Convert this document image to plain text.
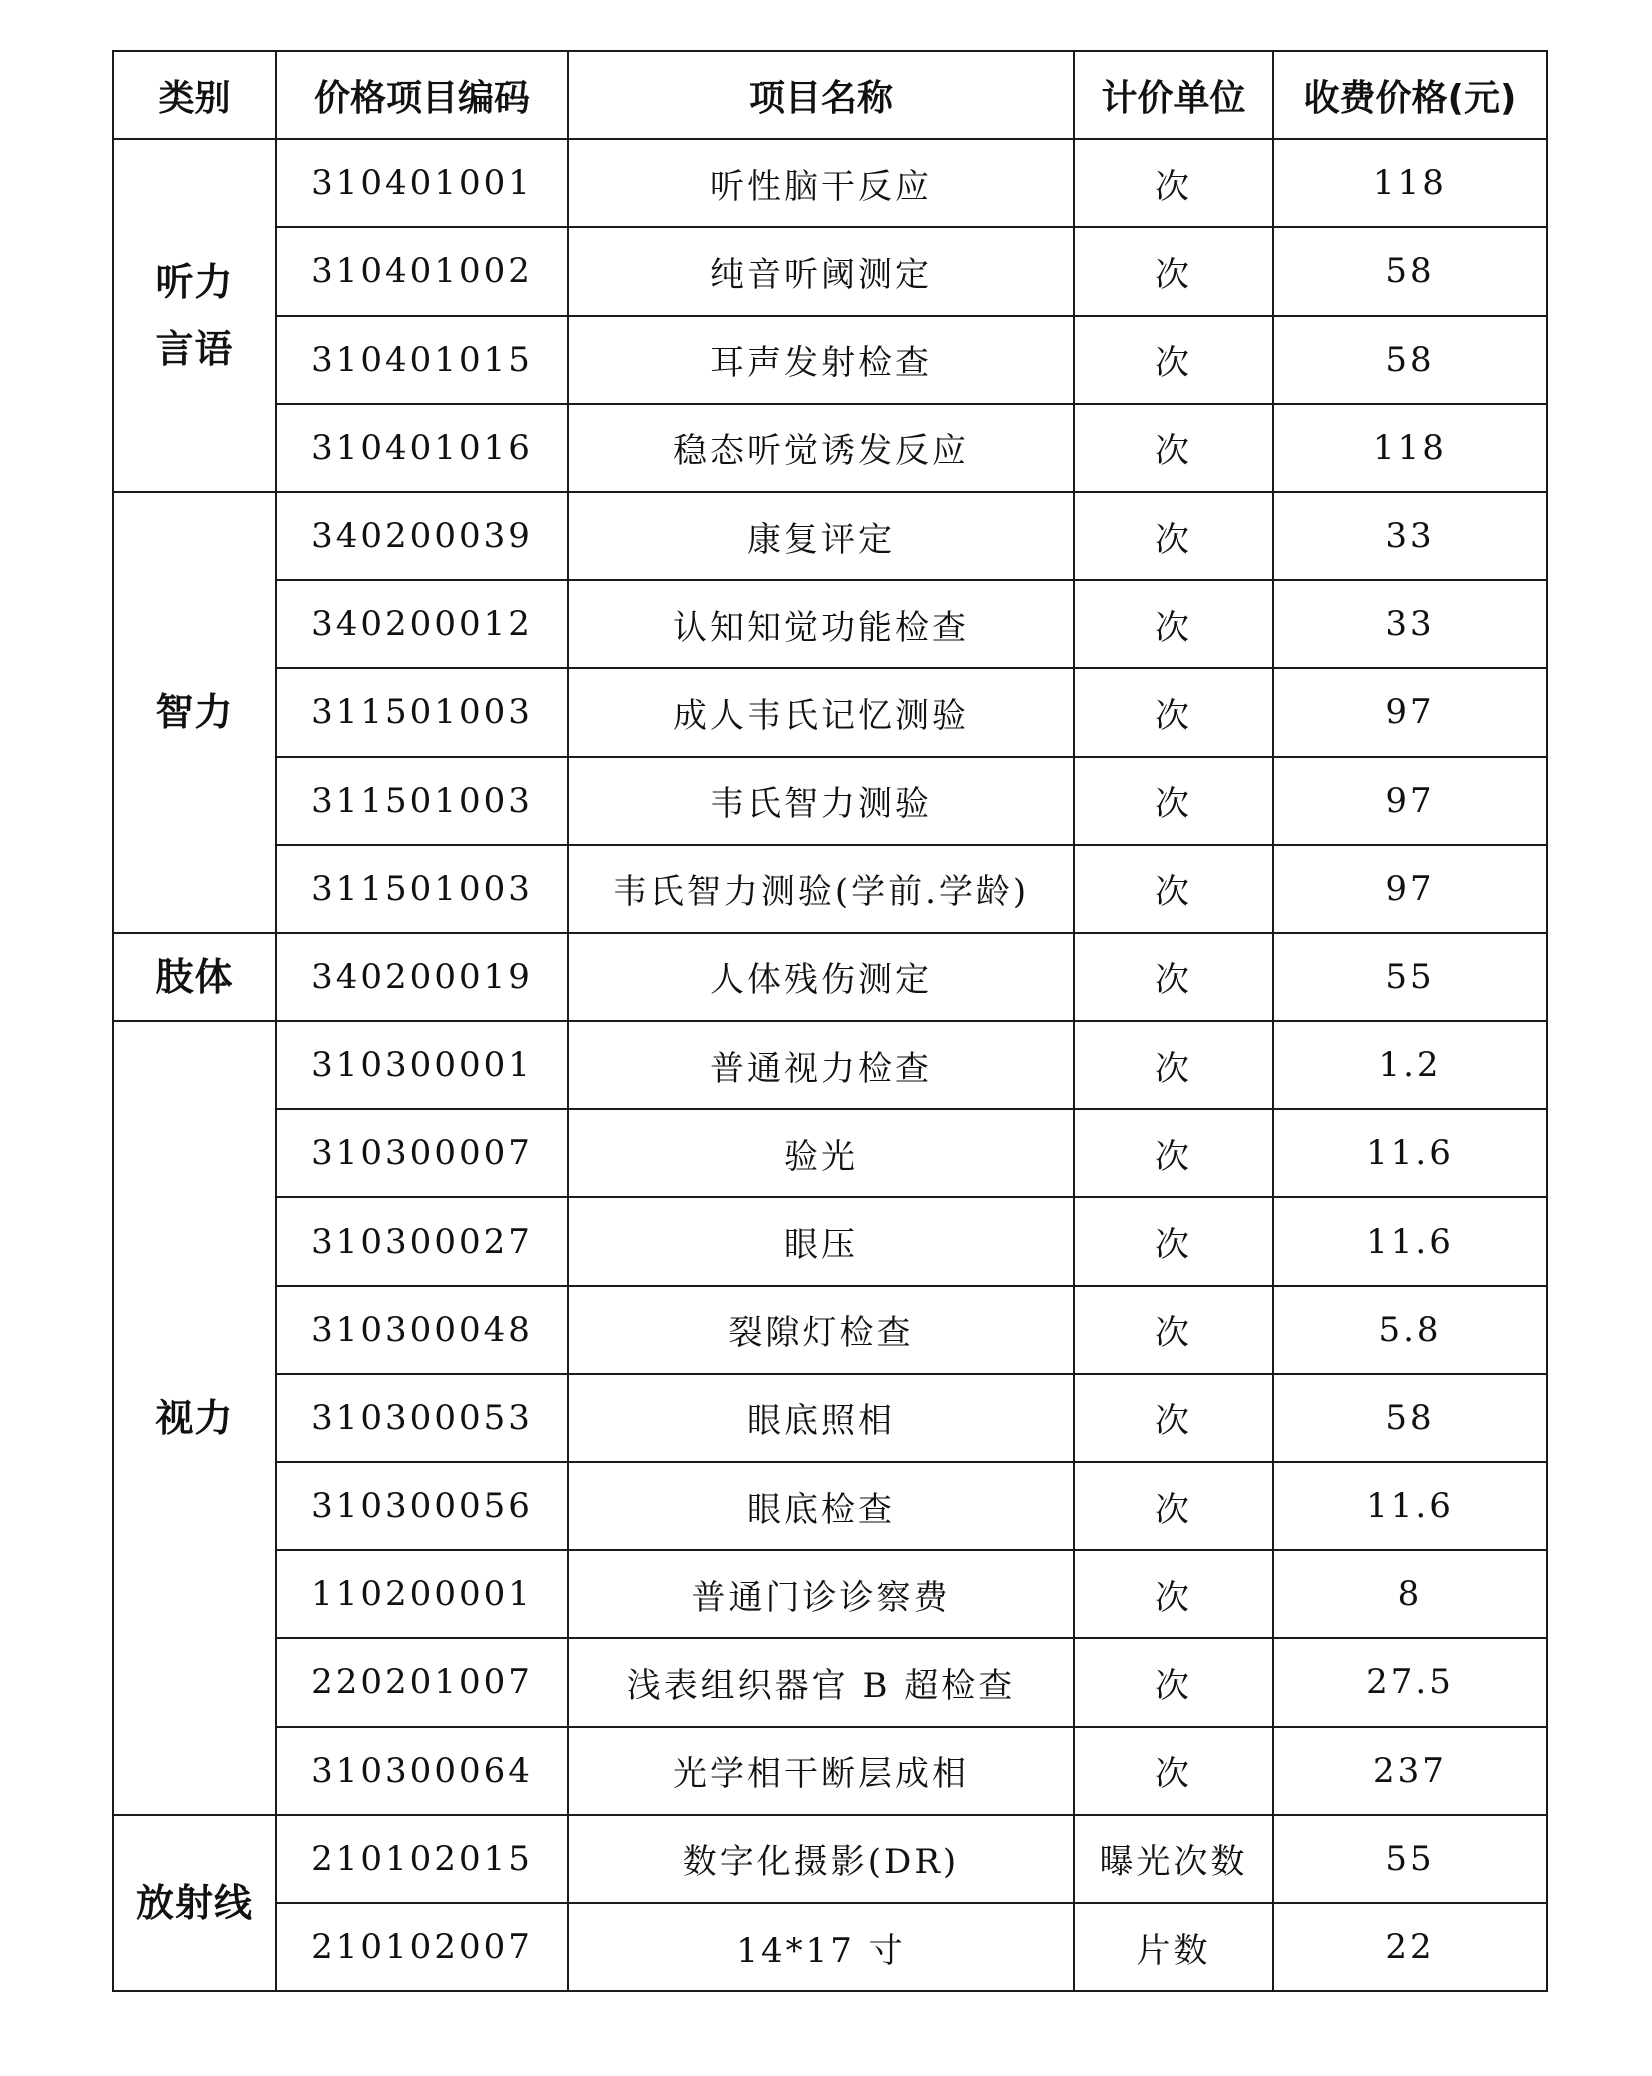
类别	价格项目编码	项目名称	计价单位	收费价格(元)

听力
言语	310401001	听性脑干反应	次	118
	310401002	纯音听阈测定	次	58
	310401015	耳声发射检查	次	58
	310401016	稳态听觉诱发反应	次	118

智力	340200039	康复评定	次	33
	340200012	认知知觉功能检查	次	33
	311501003	成人韦氏记忆测验	次	97
	311501003	韦氏智力测验	次	97
	311501003	韦氏智力测验(学前.学龄)	次	97

肢体	340200019	人体残伤测定	次	55

视力	310300001	普通视力检查	次	1.2
	310300007	验光	次	11.6
	310300027	眼压	次	11.6
	310300048	裂隙灯检查	次	5.8
	310300053	眼底照相	次	58
	310300056	眼底检查	次	11.6
	110200001	普通门诊诊察费	次	8
	220201007	浅表组织器官 B 超检查	次	27.5
	310300064	光学相干断层成相	次	237

放射线	210102015	数字化摄影(DR)	曝光次数	55
	210102007	14*17 寸	片数	22
